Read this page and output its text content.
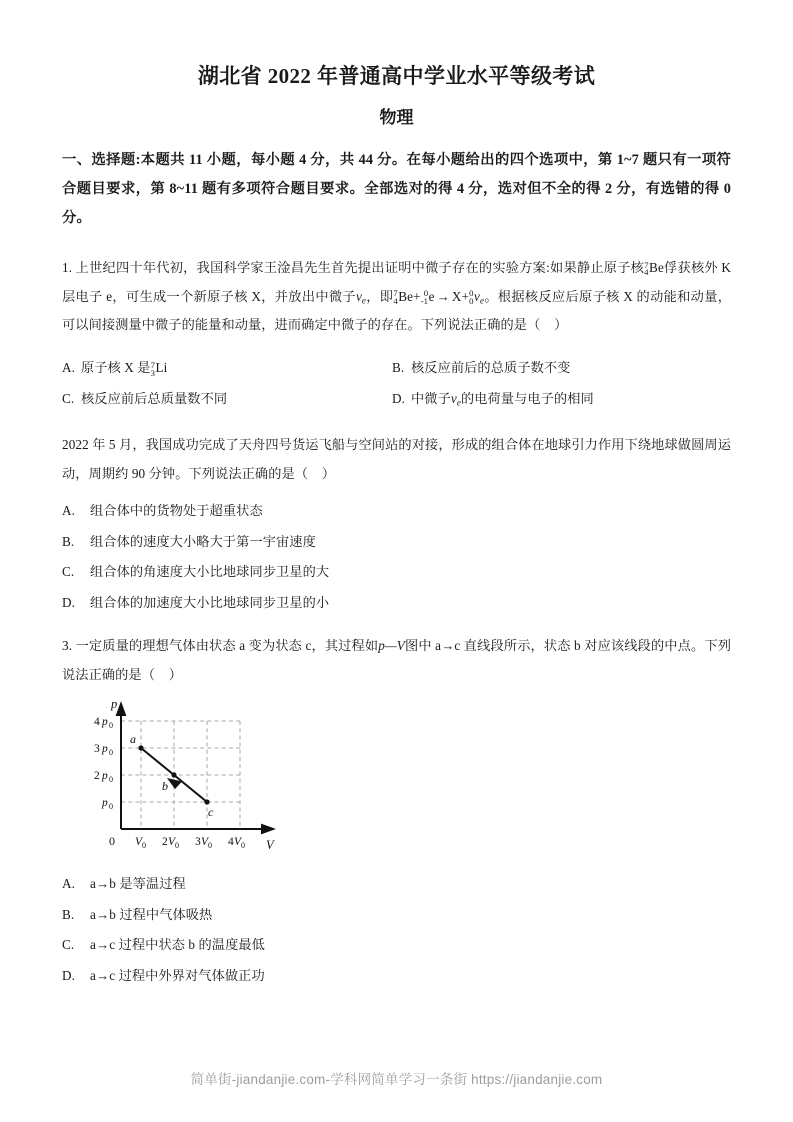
湖北省 2022 年普通高中学业水平等级考试
物理
一、选择题:本题共 11 小题，每小题 4 分，共 44 分。在每小题给出的四个选项中，第 1~7 题只有一项符合题目要求，第 8~11 题有多项符合题目要求。全部选对的得 4 分，选对但不全的得 2 分，有选错的得 0 分。
1. 上世纪四十年代初，我国科学家王淦昌先生首先提出证明中微子存在的实验方案:如果静止原子核 7
4 Be俘获核外 K 层电子 e，可生成一个新原子核 X，并放出中微子$\nu_e$，即 7
4 Be+ 0
-1 e → X+ 0
0 $\nu_e$。根据核反应后原子核 X 的动能和动量，可以间接测量中微子的能量和动量，进而确定中微子的存在。下列说法正确的是（ ）
A. 原子核 X 是 7
3 Li	B. 核反应前后的总质子数不变
C. 核反应前后总质量数不同	D. 中微子$\nu_e$的电荷量与电子的相同
2022 年 5 月，我国成功完成了天舟四号货运飞船与空间站的对接，形成的组合体在地球引力作用下绕地球做圆周运动，周期约 90 分钟。下列说法正确的是（ ）
A. 组合体中的货物处于超重状态
B. 组合体的速度大小略大于第一宇宙速度
C. 组合体的角速度大小比地球同步卫星的大
D. 组合体的加速度大小比地球同步卫星的小
3. 一定质量的理想气体由状态 a 变为状态 c，其过程如p—V图中 a→c 直线段所示，状态 b 对应该线段的中点。下列说法正确的是（ ）
a
b
c
p
V
0
4 p 0
3 p 0
2 p 0
p 0
V 0 2 V 0 3 V 0 4 V 0
A. a→b 是等温过程
B. a→b 过程中气体吸热
C. a→c 过程中状态 b 的温度最低
D. a→c 过程中外界对气体做正功
简单街-jiandanjie.com-学科网简单学习一条街 https://jiandanjie.com
